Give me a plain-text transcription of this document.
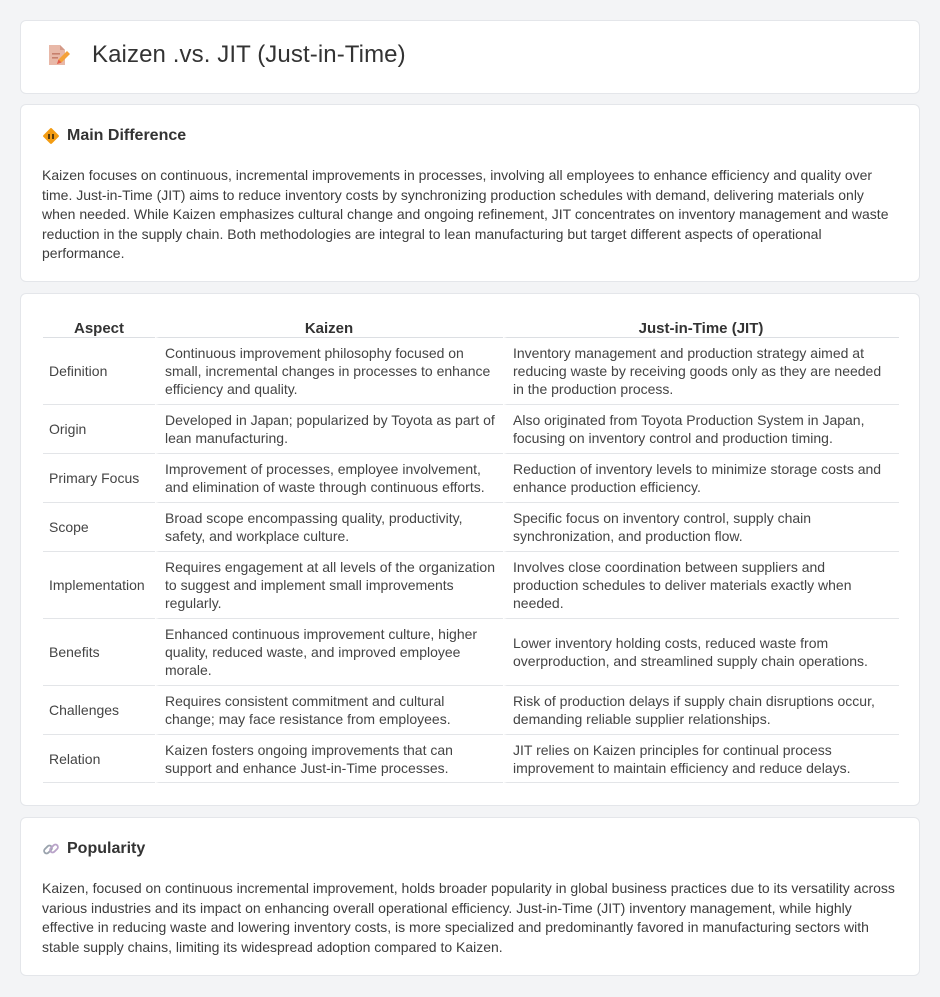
Kaizen .vs. JIT (Just-in-Time)
Main Difference

Kaizen focuses on continuous, incremental improvements in processes, involving all employees to enhance efficiency and quality over time. Just-in-Time (JIT) aims to reduce inventory costs by synchronizing production schedules with demand, delivering materials only when needed. While Kaizen emphasizes cultural change and ongoing refinement, JIT concentrates on inventory management and waste reduction in the supply chain. Both methodologies are integral to lean manufacturing but target different aspects of operational performance.

Aspect	Kaizen	Just-in-Time (JIT)
Definition	Continuous improvement philosophy focused on small, incremental changes in processes to enhance efficiency and quality.	Inventory management and production strategy aimed at reducing waste by receiving goods only as they are needed in the production process.
Origin	Developed in Japan; popularized by Toyota as part of lean manufacturing.	Also originated from Toyota Production System in Japan, focusing on inventory control and production timing.
Primary Focus	Improvement of processes, employee involvement, and elimination of waste through continuous efforts.	Reduction of inventory levels to minimize storage costs and enhance production efficiency.
Scope	Broad scope encompassing quality, productivity, safety, and workplace culture.	Specific focus on inventory control, supply chain synchronization, and production flow.
Implementation	Requires engagement at all levels of the organization to suggest and implement small improvements regularly.	Involves close coordination between suppliers and production schedules to deliver materials exactly when needed.
Benefits	Enhanced continuous improvement culture, higher quality, reduced waste, and improved employee morale.	Lower inventory holding costs, reduced waste from overproduction, and streamlined supply chain operations.
Challenges	Requires consistent commitment and cultural change; may face resistance from employees.	Risk of production delays if supply chain disruptions occur, demanding reliable supplier relationships.
Relation	Kaizen fosters ongoing improvements that can support and enhance Just-in-Time processes.	JIT relies on Kaizen principles for continual process improvement to maintain efficiency and reduce delays.
Popularity

Kaizen, focused on continuous incremental improvement, holds broader popularity in global business practices due to its versatility across various industries and its impact on enhancing overall operational efficiency. Just-in-Time (JIT) inventory management, while highly effective in reducing waste and lowering inventory costs, is more specialized and predominantly favored in manufacturing sectors with stable supply chains, limiting its widespread adoption compared to Kaizen.
